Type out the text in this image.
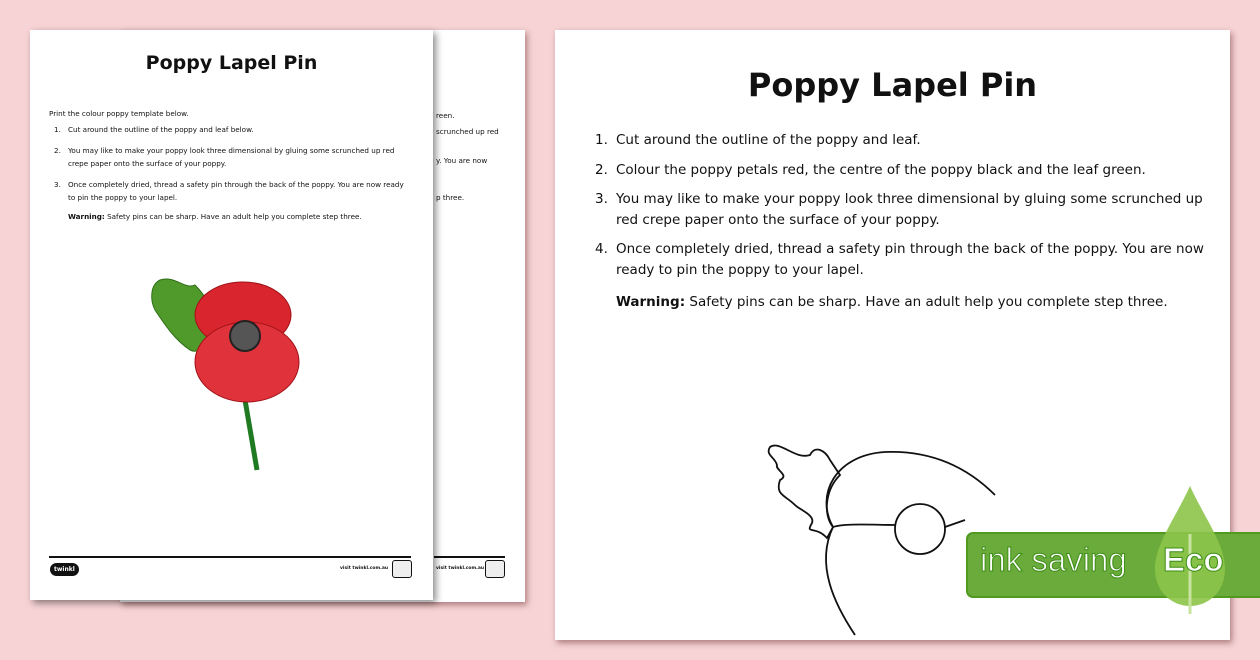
reen.
scrunched up red
y. You are now
p three.
visit twinkl.com.au
Poppy Lapel Pin
Print the colour poppy template below.
1. Cut around the outline of the poppy and leaf below.
2. You may like to make your poppy look three dimensional by gluing some scrunched up red crepe paper onto the surface of your poppy.
3. Once completely dried, thread a safety pin through the back of the poppy. You are now ready to pin the poppy to your lapel.
Warning: Safety pins can be sharp. Have an adult help you complete step three.
twinkl	visit twinkl.com.au
Poppy Lapel Pin
1. Cut around the outline of the poppy and leaf.
2. Colour the poppy petals red, the centre of the poppy black and the leaf green.
3. You may like to make your poppy look three dimensional by gluing some scrunched up red crepe paper onto the surface of your poppy.
4. Once completely dried, thread a safety pin through the back of the poppy. You are now ready to pin the poppy to your lapel.
Warning: Safety pins can be sharp. Have an adult help you complete step three.
ink saving Eco
